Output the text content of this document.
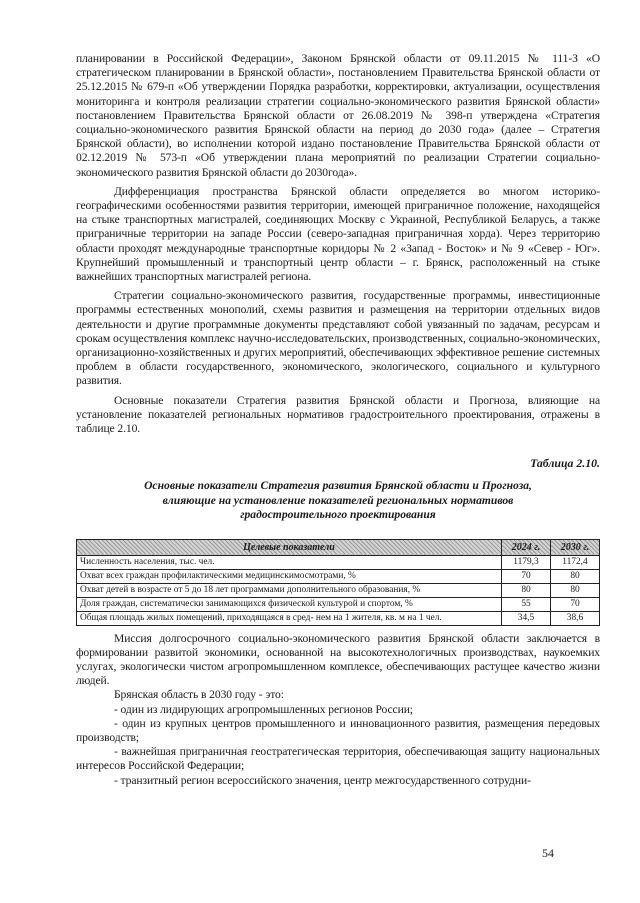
планировании в Российской Федерации», Законом Брянской области от 09.11.2015 № 111-З «О стратегическом планировании в Брянской области», постановлением Правительства Брянской области от 25.12.2015 № 679-п «Об утверждении Порядка разработки, корректировки, актуализации, осуществления мониторинга и контроля реализации стратегии социально-экономического развития Брянской области» постановлением Правительства Брянской области от 26.08.2019 № 398-п утверждена «Стратегия социально-экономического развития Брянской области на период до 2030 года» (далее – Стратегия Брянской области), во исполнении которой издано постановление Правительства Брянской области от 02.12.2019 № 573-п «Об утверждении плана мероприятий по реализации Стратегии социально-экономического развития Брянской области до 2030года».

Дифференциация пространства Брянской области определяется во многом историко-географическими особенностями развития территории, имеющей приграничное положение, находящейся на стыке транспортных магистралей, соединяющих Москву с Украиной, Республикой Беларусь, а также приграничные территории на западе России (северо-западная приграничная хорда). Через территорию области проходят международные транспортные коридоры № 2 «Запад - Восток» и № 9 «Север - Юг». Крупнейший промышленный и транспортный центр области – г. Брянск, расположенный на стыке важнейших транспортных магистралей региона.

Стратегии социально-экономического развития, государственные программы, инвестиционные программы естественных монополий, схемы развития и размещения на территории отдельных видов деятельности и другие программные документы представляют собой увязанный по задачам, ресурсам и срокам осуществления комплекс научно-исследовательских, производственных, социально-экономических, организационно-хозяйственных и других мероприятий, обеспечивающих эффективное решение системных проблем в области государственного, экономического, экологического, социального и культурного развития.

Основные показатели Стратегия развития Брянской области и Прогноза, влияющие на установление показателей региональных нормативов градостроительного проектирования, отражены в таблице 2.10.

Таблица 2.10.
Основные показатели Стратегия развития Брянской области и Прогноза,
влияющие на установление показателей региональных нормативов
градостроительного проектирования
Целевые показатели	2024 г.	2030 г.
Численность населения, тыс. чел.	1179,3	1172,4
Охват всех граждан профилактическими медицинскимосмотрами, %	70	80
Охват детей в возрасте от 5 до 18 лет программами дополнительного образования, %	80	80
Доля граждан, систематически занимающихся физической культурой и спортом, %	55	70
Общая площадь жилых помещений, приходящаяся в сред- нем на 1 жителя, кв. м на 1 чел.	34,5	38,6

Миссия долгосрочного социально-экономического развития Брянской области заключается в формировании развитой экономики, основанной на высокотехнологичных производствах, наукоемких услугах, экологически чистом агропромышленном комплексе, обеспечивающих растущее качество жизни людей.

Брянская область в 2030 году - это:

- один из лидирующих агропромышленных регионов России;

- один из крупных центров промышленного и инновационного развития, размещения передовых производств;

- важнейшая приграничная геостратегическая территория, обеспечивающая защиту национальных интересов Российской Федерации;

- транзитный регион всероссийского значения, центр межгосударственного сотрудни-

54
